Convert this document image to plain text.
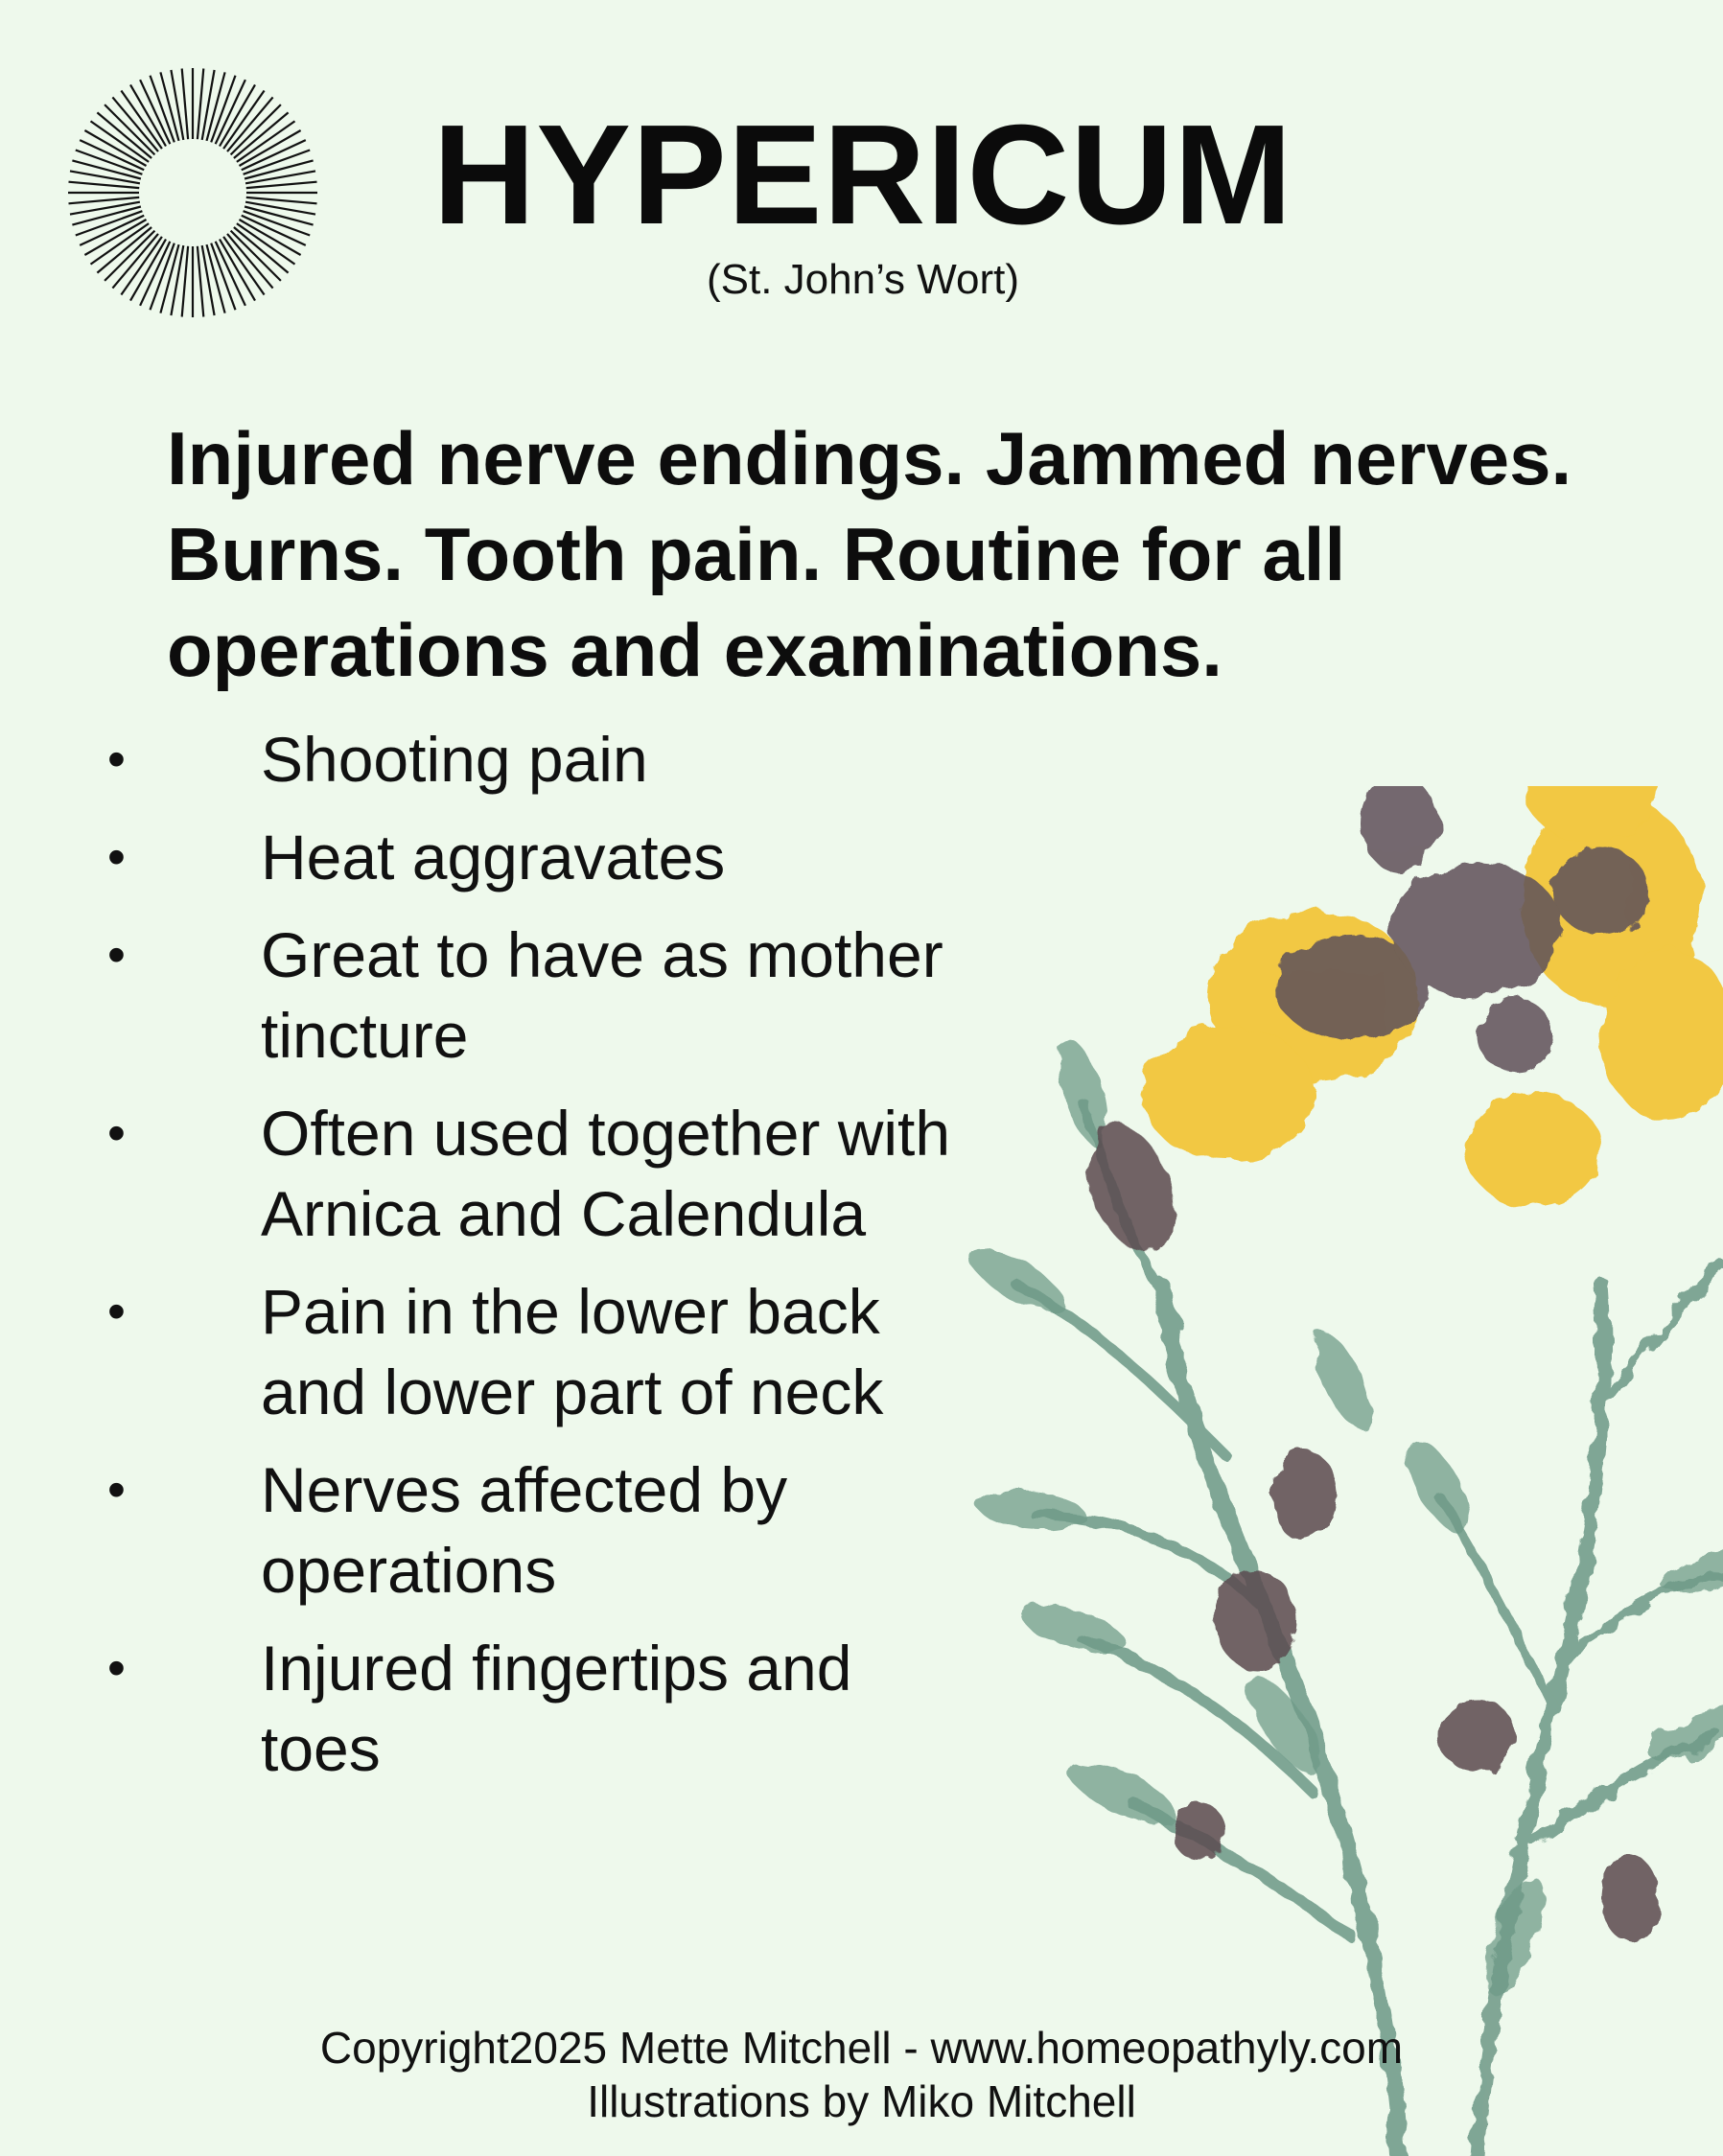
HYPERICUM
(St. John’s Wort)

Injured nerve endings. Jammed nerves.
Burns. Tooth pain. Routine for all
operations and examinations.

• Shooting pain
• Heat aggravates
• Great to have as mother
tincture
• Often used together with
Arnica and Calendula
• Pain in the lower back
and lower part of neck
• Nerves affected by
operations
• Injured fingertips and
toes
Copyright2025 Mette Mitchell - www.homeopathyly.com
Illustrations by Miko Mitchell
